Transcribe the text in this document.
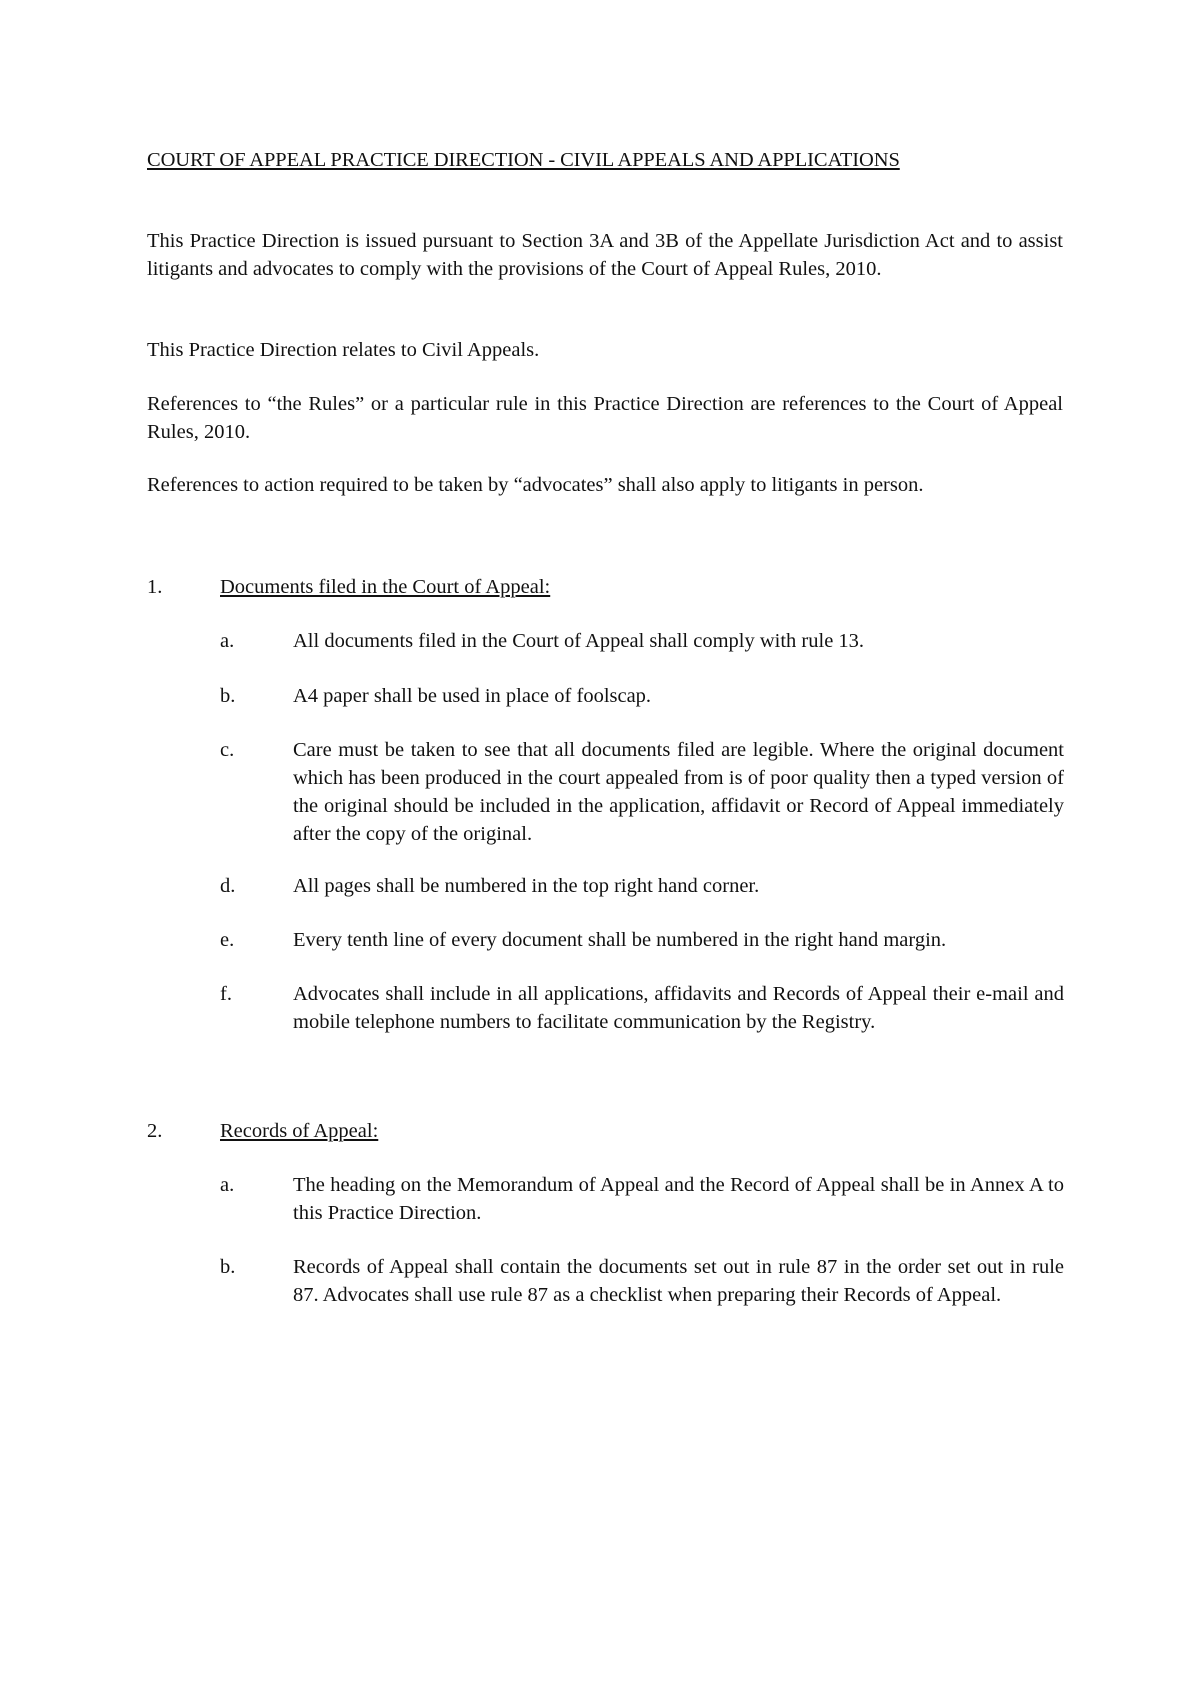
COURT OF APPEAL PRACTICE DIRECTION - CIVIL APPEALS AND APPLICATIONS
This Practice Direction is issued pursuant to Section 3A and 3B of the Appellate Jurisdiction Act and to assist litigants and advocates to comply with the provisions of the Court of Appeal Rules, 2010.
This Practice Direction relates to Civil Appeals.
References to “the Rules” or a particular rule in this Practice Direction are references to the Court of Appeal Rules, 2010.
References to action required to be taken by “advocates” shall also apply to litigants in person.
1.	Documents filed in the Court of Appeal:
a.	All documents filed in the Court of Appeal shall comply with rule 13.
b.	A4 paper shall be used in place of foolscap.
c.	Care must be taken to see that all documents filed are legible. Where the original document which has been produced in the court appealed from is of poor quality then a typed version of the original should be included in the application, affidavit or Record of Appeal immediately after the copy of the original.
d.	All pages shall be numbered in the top right hand corner.
e.	Every tenth line of every document shall be numbered in the right hand margin.
f.	Advocates shall include in all applications, affidavits and Records of Appeal their e-mail and mobile telephone numbers to facilitate communication by the Registry.
2.	Records of Appeal:
a.	The heading on the Memorandum of Appeal and the Record of Appeal shall be in Annex A to this Practice Direction.
b.	Records of Appeal shall contain the documents set out in rule 87 in the order set out in rule 87. Advocates shall use rule 87 as a checklist when preparing their Records of Appeal.
